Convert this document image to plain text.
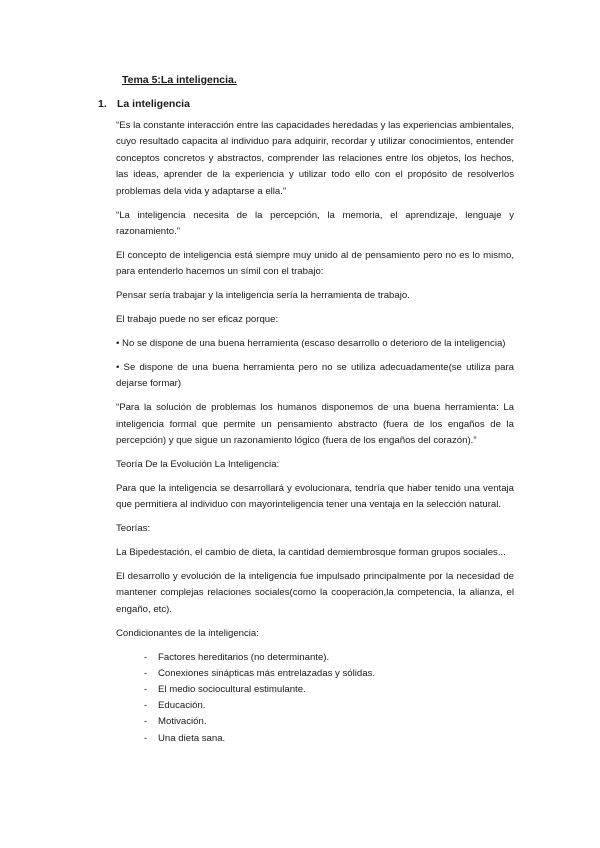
Tema 5:La inteligencia.
1. La inteligencia

“Es la constante interacción entre las capacidades heredadas y las experiencias ambientales, cuyo resultado capacita al individuo para adquirir, recordar y utilizar conocimientos, entender conceptos concretos y abstractos, comprender las relaciones entre los objetos, los hechos, las ideas, aprender de la experiencia y utilizar todo ello con el propósito de resolverlos problemas dela vida y adaptarse a ella.”

“La inteligencia necesita de la percepción, la memoria, el aprendizaje, lenguaje y razonamiento.”

El concepto de inteligencia está siempre muy unido al de pensamiento pero no es lo mismo, para entenderlo hacemos un símil con el trabajo:

Pensar sería trabajar y la inteligencia sería la herramienta de trabajo.

El trabajo puede no ser eficaz porque:

• No se dispone de una buena herramienta (escaso desarrollo o deterioro de la inteligencia)

• Se dispone de una buena herramienta pero no se utiliza adecuadamente(se utiliza para dejarse formar)

“Para la solución de problemas los humanos disponemos de una buena herramienta: La inteligencia formal que permite un pensamiento abstracto (fuera de los engaños de la percepción) y que sigue un razonamiento lógico (fuera de los engaños del corazón).”

Teoría De la Evolución La Inteligencia:

Para que la inteligencia se desarrollará y evolucionara, tendría que haber tenido una ventaja que permitiera al individuo con mayorinteligencia tener una ventaja en la selección natural.

Teorías:

La Bipedestación, el cambio de dieta, la cantidad demiembrosque forman grupos sociales...

El desarrollo y evolución de la inteligencia fue impulsado principalmente por la necesidad de mantener complejas relaciones sociales(como la cooperación,la competencia, la alianza, el engaño, etc).

Condicionantes de la inteligencia:

- Factores hereditarios (no determinante).
- Conexiones sinápticas más entrelazadas y sólidas.
- El medio sociocultural estimulante.
- Educación.
- Motivación.
- Una dieta sana.
